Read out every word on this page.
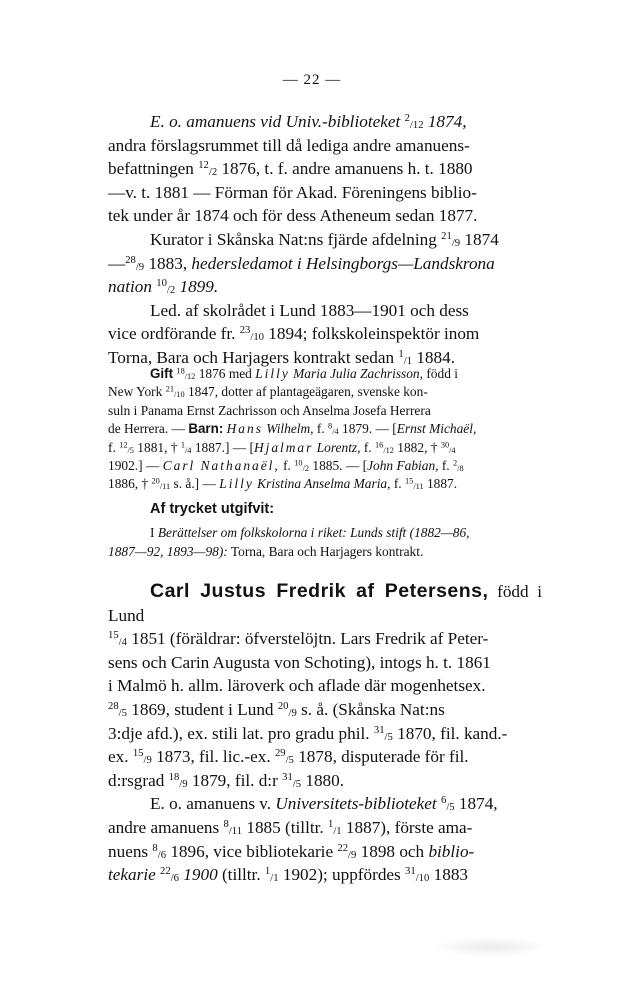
— 22 —
E. o. amanuens vid Univ.-biblioteket $^2_{/12}$ 1874,
andra förslagsrummet till då lediga andre amanuens-
befattningen $^{12}_{/2}$ 1876, t. f. andre amanuens h. t. 1880
—v. t. 1881 — Förman för Akad. Föreningens biblio-
tek under år 1874 och för dess Atheneum sedan 1877.
Kurator i Skånska Nat:ns fjärde afdelning $^{21}_{/9}$ 1874
—$^{28}_{/9}$ 1883, hedersledamot i Helsingborgs—Landskrona
nation $^{10}_{/2}$ 1899.
Led. af skolrådet i Lund 1883—1901 och dess
vice ordförande fr. $^{23}_{/10}$ 1894; folkskoleinspektör inom
Torna, Bara och Harjagers kontrakt sedan $^1_{/1}$ 1884.
Gift $^{18}_{/12}$ 1876 med Lilly Maria Julia Zachrisson, född i
New York $^{21}_{/10}$ 1847, dotter af plantageägaren, svenske kon-
suln i Panama Ernst Zachrisson och Anselma Josefa Herrera
de Herrera. — Barn: Hans Wilhelm, f. $^8_{/4}$ 1879. — [Ernst Michaël,
f. $^{12}_{/5}$ 1881, † $^1_{/4}$ 1887.] — [Hjalmar Lorentz, f. $^{16}_{/12}$ 1882, † $^{30}_{/4}$
1902.] — Carl Nathanaël, f. $^{10}_{/2}$ 1885. — [John Fabian, f. $^2_{/8}$
1886, † $^{20}_{/11}$ s. å.] — Lilly Kristina Anselma Maria, f. $^{15}_{/11}$ 1887.
Af trycket utgifvit:
I Berättelser om folkskolorna i riket: Lunds stift (1882—86,
1887—92, 1893—98): Torna, Bara och Harjagers kontrakt.
Carl Justus Fredrik af Petersens, född i Lund
$^{15}_{/4}$ 1851 (föräldrar: öfverstelöjtn. Lars Fredrik af Peter-
sens och Carin Augusta von Schoting), intogs h. t. 1861
i Malmö h. allm. läroverk och aflade där mogenhetsex.
$^{28}_{/5}$ 1869, student i Lund $^{20}_{/9}$ s. å. (Skånska Nat:ns
3:dje afd.), ex. stili lat. pro gradu phil. $^{31}_{/5}$ 1870, fil. kand.-
ex. $^{15}_{/9}$ 1873, fil. lic.-ex. $^{29}_{/5}$ 1878, disputerade för fil.
d:rsgrad $^{18}_{/9}$ 1879, fil. d:r $^{31}_{/5}$ 1880.
E. o. amanuens v. Universitets-biblioteket $^6_{/5}$ 1874,
andre amanuens $^8_{/11}$ 1885 (tilltr. $^1_{/1}$ 1887), förste ama-
nuens $^8_{/6}$ 1896, vice bibliotekarie $^{22}_{/9}$ 1898 och biblio-
tekarie $^{22}_{/6}$ 1900 (tilltr. $^1_{/1}$ 1902); uppfördes $^{31}_{/10}$ 1883
